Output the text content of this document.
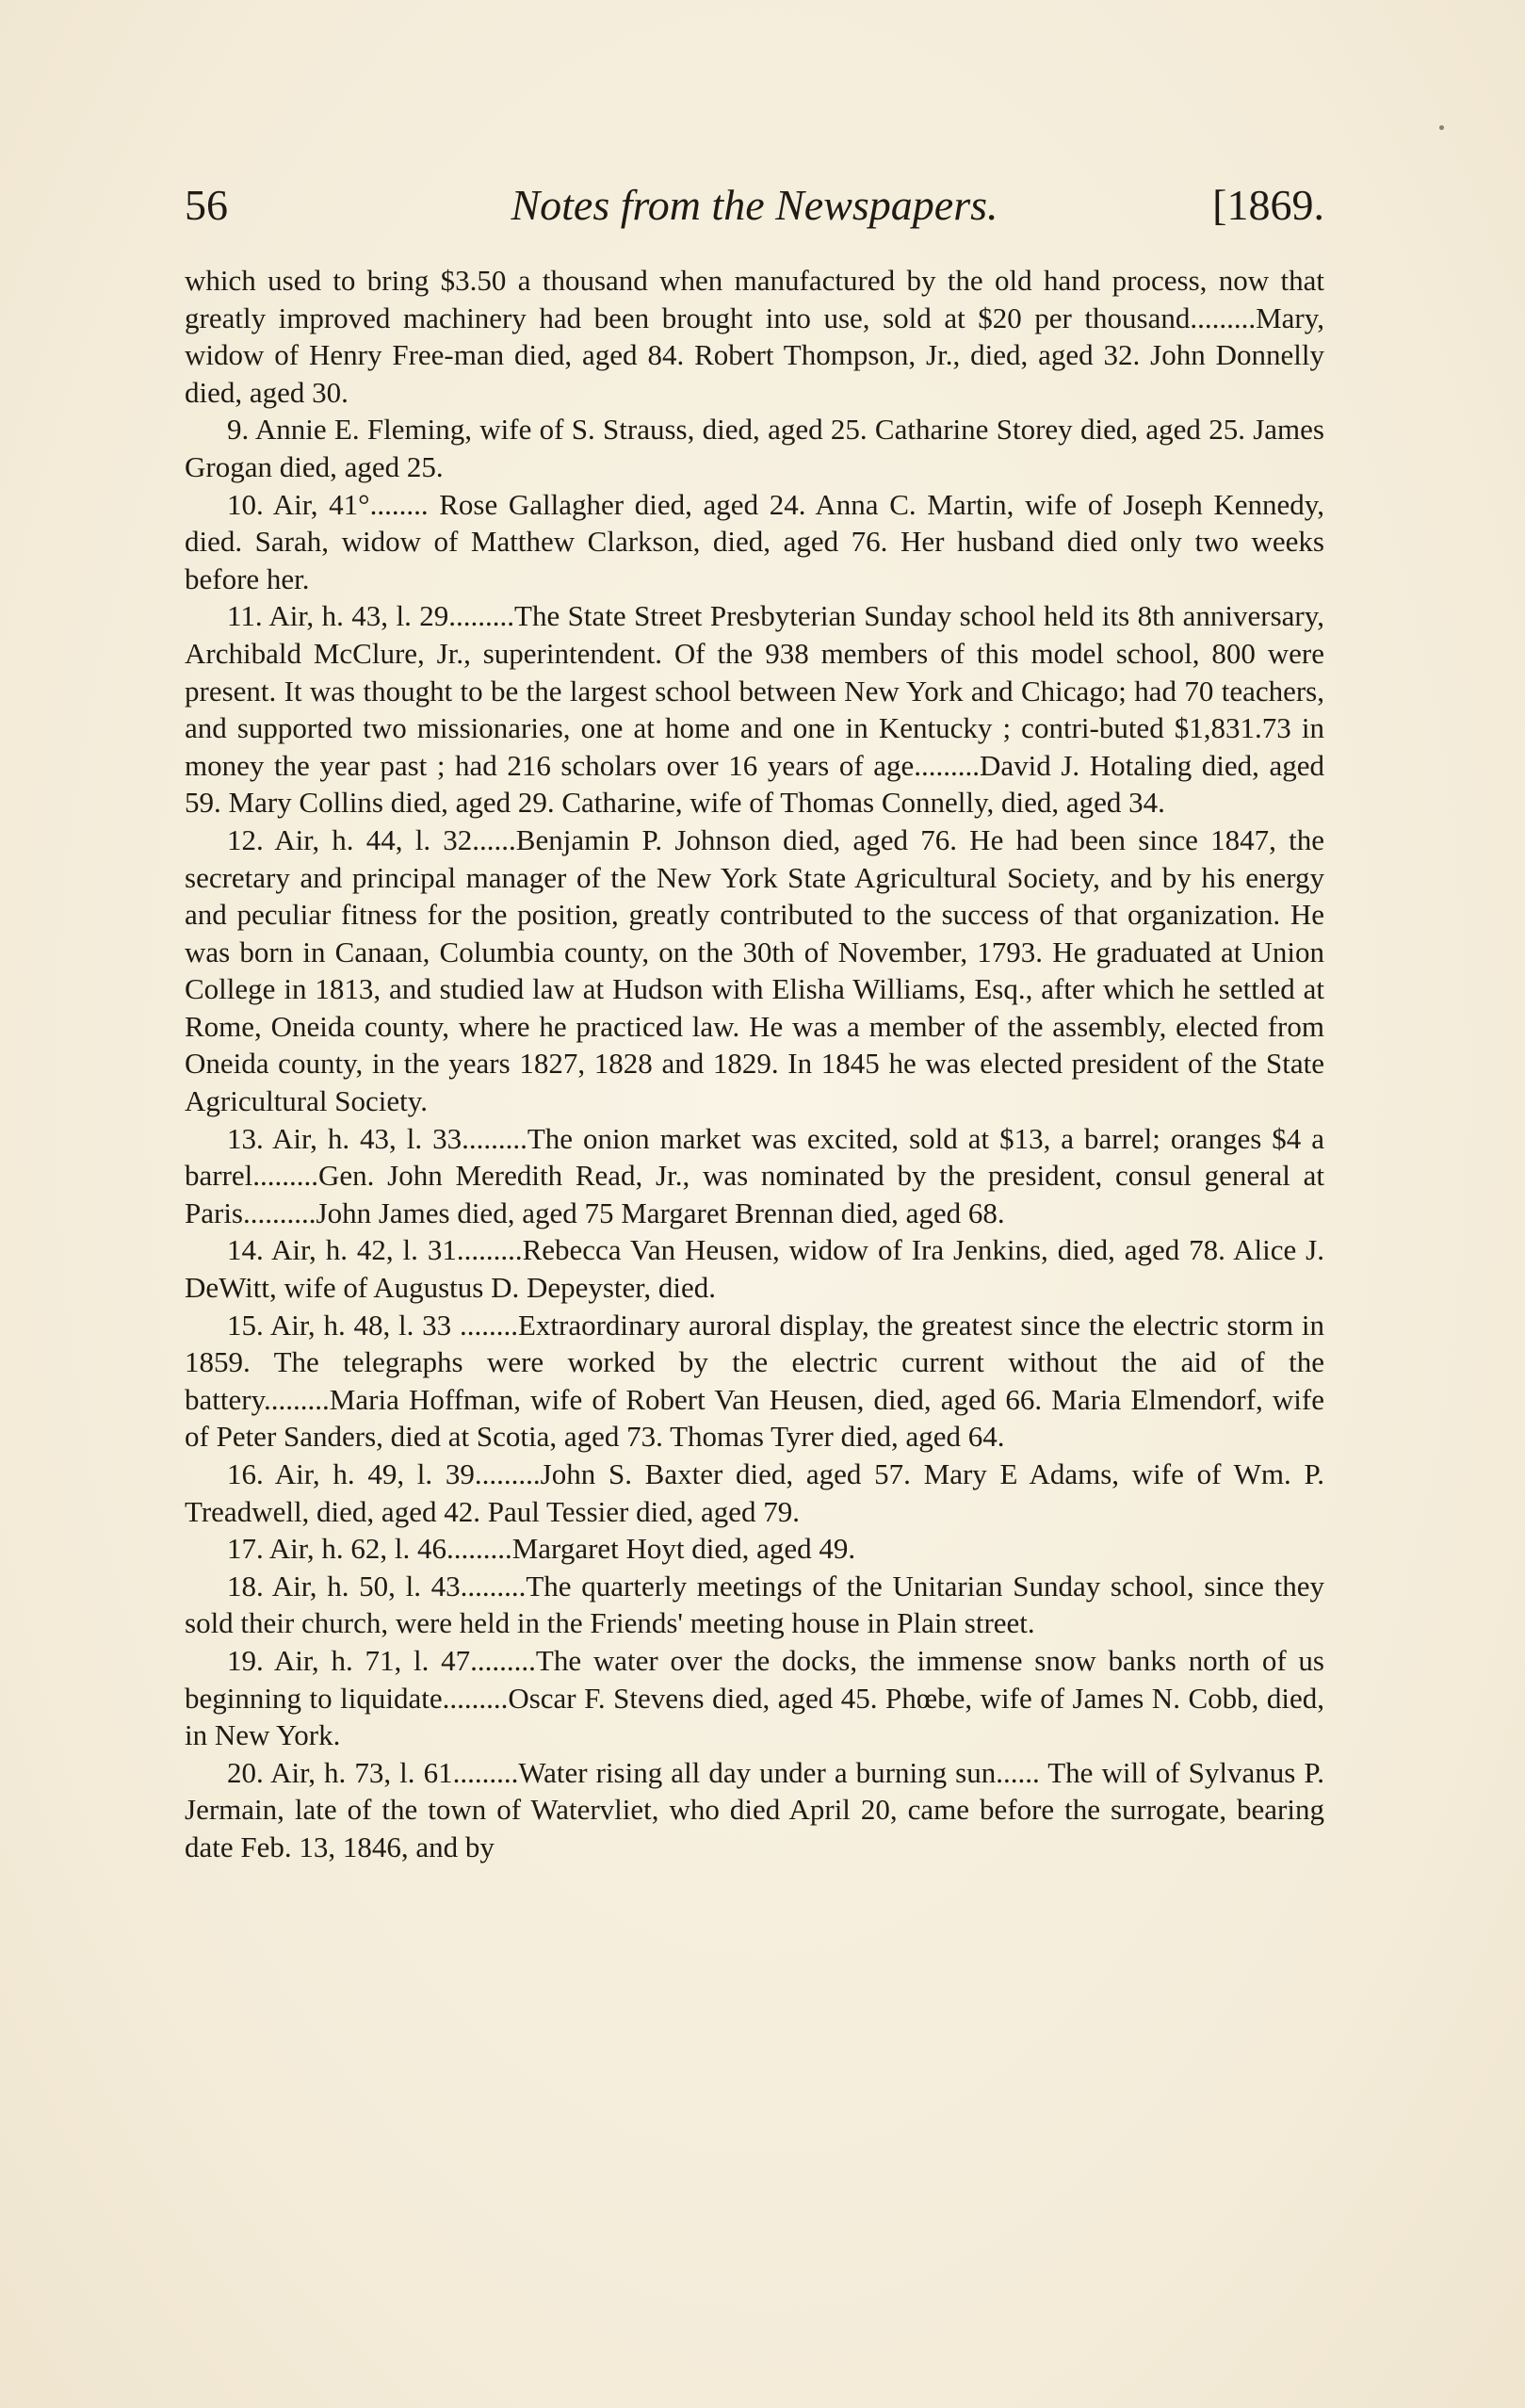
56	Notes from the Newspapers.	[1869.

which used to bring $3.50 a thousand when manufactured by the old hand process, now that greatly improved machinery had been brought into use, sold at $20 per thousand.........Mary, widow of Henry Free-man died, aged 84. Robert Thompson, Jr., died, aged 32. John Donnelly died, aged 30.

9. Annie E. Fleming, wife of S. Strauss, died, aged 25. Catharine Storey died, aged 25. James Grogan died, aged 25.

10. Air, 41°........ Rose Gallagher died, aged 24. Anna C. Martin, wife of Joseph Kennedy, died. Sarah, widow of Matthew Clarkson, died, aged 76. Her husband died only two weeks before her.

11. Air, h. 43, l. 29.........The State Street Presbyterian Sunday school held its 8th anniversary, Archibald McClure, Jr., superintendent. Of the 938 members of this model school, 800 were present. It was thought to be the largest school between New York and Chicago; had 70 teachers, and supported two missionaries, one at home and one in Kentucky ; contri-buted $1,831.73 in money the year past ; had 216 scholars over 16 years of age.........David J. Hotaling died, aged 59. Mary Collins died, aged 29. Catharine, wife of Thomas Connelly, died, aged 34.

12. Air, h. 44, l. 32......Benjamin P. Johnson died, aged 76. He had been since 1847, the secretary and principal manager of the New York State Agricultural Society, and by his energy and peculiar fitness for the position, greatly contributed to the success of that organization. He was born in Canaan, Columbia county, on the 30th of November, 1793. He graduated at Union College in 1813, and studied law at Hudson with Elisha Williams, Esq., after which he settled at Rome, Oneida county, where he practiced law. He was a member of the assembly, elected from Oneida county, in the years 1827, 1828 and 1829. In 1845 he was elected president of the State Agricultural Society.

13. Air, h. 43, l. 33.........The onion market was excited, sold at $13, a barrel; oranges $4 a barrel.........Gen. John Meredith Read, Jr., was nominated by the president, consul general at Paris..........John James died, aged 75 Margaret Brennan died, aged 68.

14. Air, h. 42, l. 31.........Rebecca Van Heusen, widow of Ira Jenkins, died, aged 78. Alice J. DeWitt, wife of Augustus D. Depeyster, died.

15. Air, h. 48, l. 33 ........Extraordinary auroral display, the greatest since the electric storm in 1859. The telegraphs were worked by the electric current without the aid of the battery.........Maria Hoffman, wife of Robert Van Heusen, died, aged 66. Maria Elmendorf, wife of Peter Sanders, died at Scotia, aged 73. Thomas Tyrer died, aged 64.

16. Air, h. 49, l. 39.........John S. Baxter died, aged 57. Mary E Adams, wife of Wm. P. Treadwell, died, aged 42. Paul Tessier died, aged 79.

17. Air, h. 62, l. 46.........Margaret Hoyt died, aged 49.

18. Air, h. 50, l. 43.........The quarterly meetings of the Unitarian Sunday school, since they sold their church, were held in the Friends' meeting house in Plain street.

19. Air, h. 71, l. 47.........The water over the docks, the immense snow banks north of us beginning to liquidate.........Oscar F. Stevens died, aged 45. Phœbe, wife of James N. Cobb, died, in New York.

20. Air, h. 73, l. 61.........Water rising all day under a burning sun...... The will of Sylvanus P. Jermain, late of the town of Watervliet, who died April 20, came before the surrogate, bearing date Feb. 13, 1846, and by
